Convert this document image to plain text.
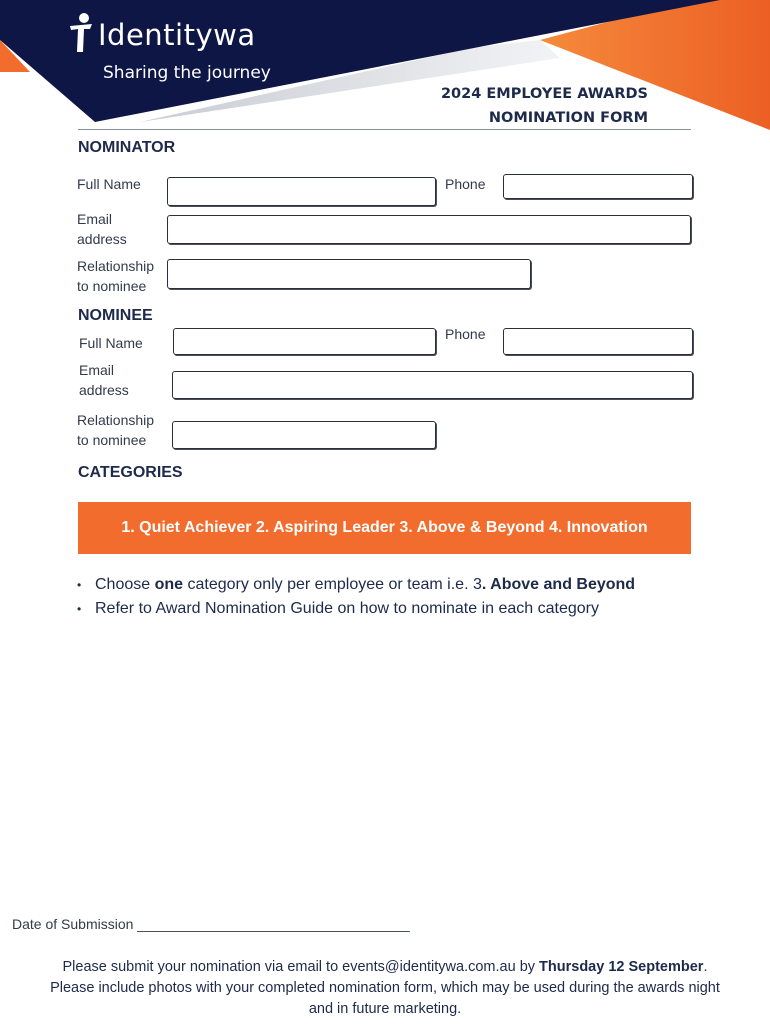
Identitywa
Sharing the journey
2024 EMPLOYEE AWARDS
NOMINATION FORM
NOMINATOR
Full Name	Phone
Email
address
Relationship
to nominee
NOMINEE
Full Name
Phone
Email
address
Relationship
to nominee
CATEGORIES
1. Quiet Achiever 2. Aspiring Leader 3. Above & Beyond 4. Innovation
• Choose one category only per employee or team i.e. 3. Above and Beyond
• Refer to Award Nomination Guide on how to nominate in each category
Date of Submission ___________________________________
Please submit your nomination via email to events@identitywa.com.au by Thursday 12 September.
Please include photos with your completed nomination form, which may be used during the awards night
and in future marketing.
